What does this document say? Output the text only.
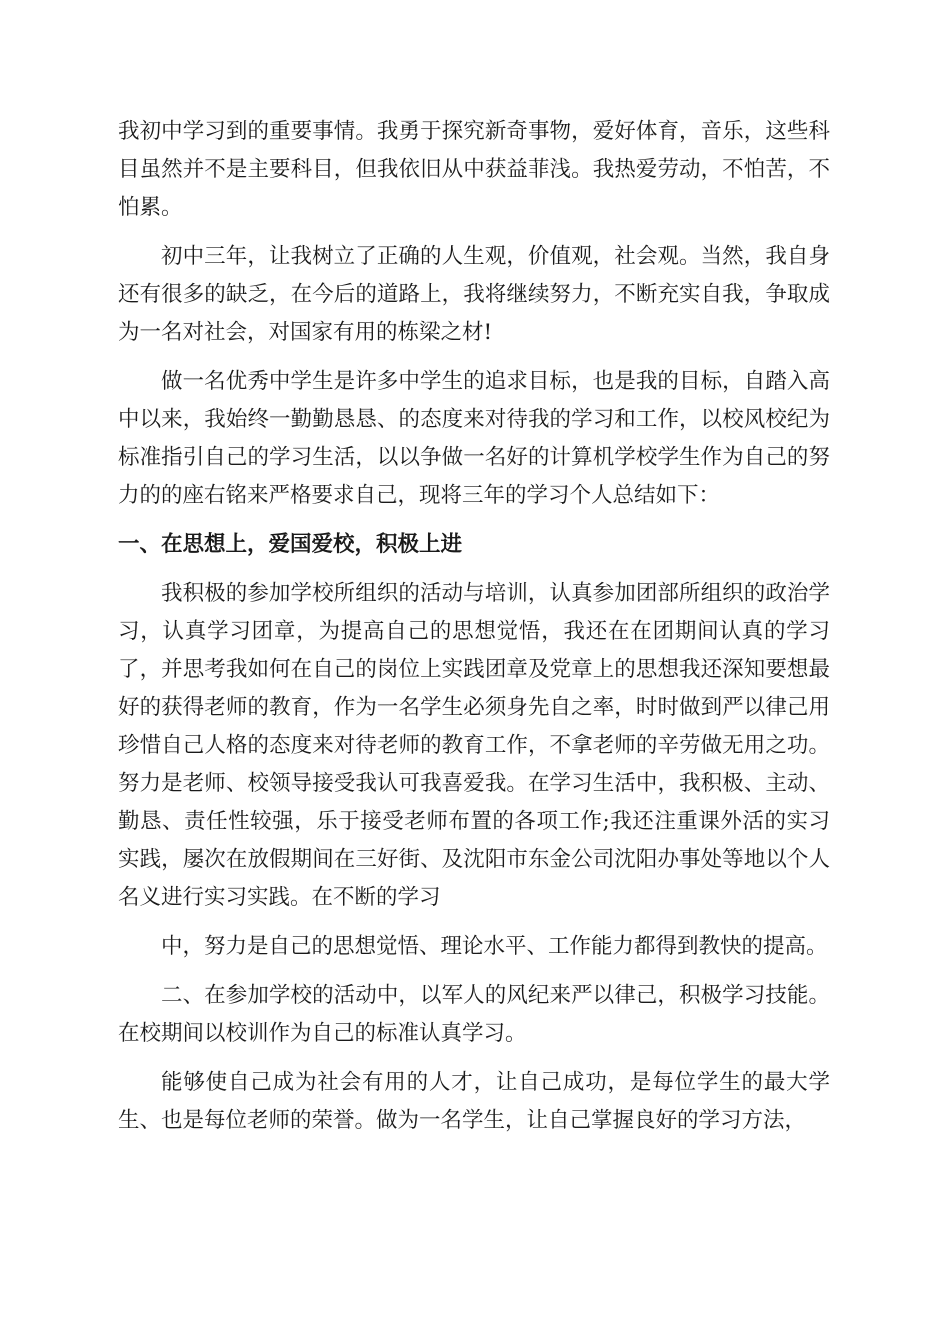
我初中学习到的重要事情。我勇于探究新奇事物，爱好体育，音乐，这些科目虽然并不是主要科目，但我依旧从中获益菲浅。我热爱劳动，不怕苦，不怕累。

初中三年，让我树立了正确的人生观，价值观，社会观。当然，我自身还有很多的缺乏，在今后的道路上，我将继续努力，不断充实自我，争取成为一名对社会，对国家有用的栋梁之材!

做一名优秀中学生是许多中学生的追求目标，也是我的目标，自踏入高中以来，我始终一勤勤恳恳、的态度来对待我的学习和工作，以校风校纪为标准指引自己的学习生活，以以争做一名好的计算机学校学生作为自己的努力的的座右铭来严格要求自己，现将三年的学习个人总结如下：

一、在思想上，爱国爱校，积极上进

我积极的参加学校所组织的活动与培训，认真参加团部所组织的政治学习，认真学习团章，为提高自己的思想觉悟，我还在在团期间认真的学习了，并思考我如何在自己的岗位上实践团章及党章上的思想我还深知要想最好的获得老师的教育，作为一名学生必须身先自之率，时时做到严以律己用珍惜自己人格的态度来对待老师的教育工作，不拿老师的辛劳做无用之功。努力是老师、校领导接受我认可我喜爱我。在学习生活中，我积极、主动、勤恳、责任性较强，乐于接受老师布置的各项工作;我还注重课外活的实习实践，屡次在放假期间在三好街、及沈阳市东金公司沈阳办事处等地以个人名义进行实习实践。在不断的学习

中，努力是自己的思想觉悟、理论水平、工作能力都得到教快的提高。

二、在参加学校的活动中，以军人的风纪来严以律己，积极学习技能。在校期间以校训作为自己的标准认真学习。

能够使自己成为社会有用的人才，让自己成功，是每位学生的最大学生、也是每位老师的荣誉。做为一名学生，让自己掌握良好的学习方法，
